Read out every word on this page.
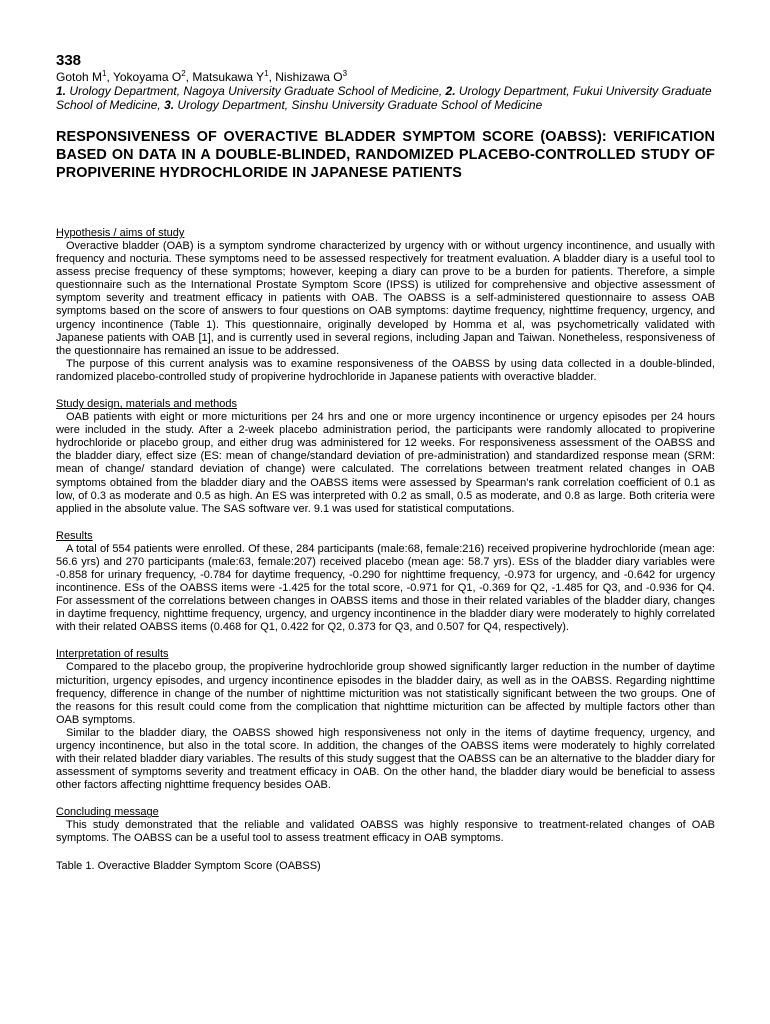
338
Gotoh $M^1$, Yokoyama $O^2$, Matsukawa $Y^1$, Nishizawa $O^3$
1. Urology Department, Nagoya University Graduate School of Medicine, 2. Urology Department, Fukui University Graduate School of Medicine, 3. Urology Department, Sinshu University Graduate School of Medicine
RESPONSIVENESS OF OVERACTIVE BLADDER SYMPTOM SCORE (OABSS): VERIFICATION BASED ON DATA IN A DOUBLE-BLINDED, RANDOMIZED PLACEBO-CONTROLLED STUDY OF PROPIVERINE HYDROCHLORIDE IN JAPANESE PATIENTS
Hypothesis / aims of study

Overactive bladder (OAB) is a symptom syndrome characterized by urgency with or without urgency incontinence, and usually with frequency and nocturia. These symptoms need to be assessed respectively for treatment evaluation. A bladder diary is a useful tool to assess precise frequency of these symptoms; however, keeping a diary can prove to be a burden for patients. Therefore, a simple questionnaire such as the International Prostate Symptom Score (IPSS) is utilized for comprehensive and objective assessment of symptom severity and treatment efficacy in patients with OAB. The OABSS is a self-administered questionnaire to assess OAB symptoms based on the score of answers to four questions on OAB symptoms: daytime frequency, nighttime frequency, urgency, and urgency incontinence (Table 1). This questionnaire, originally developed by Homma et al, was psychometrically validated with Japanese patients with OAB [1], and is currently used in several regions, including Japan and Taiwan. Nonetheless, responsiveness of the questionnaire has remained an issue to be addressed.

The purpose of this current analysis was to examine responsiveness of the OABSS by using data collected in a double-blinded, randomized placebo-controlled study of propiverine hydrochloride in Japanese patients with overactive bladder.

Study design, materials and methods

OAB patients with eight or more micturitions per 24 hrs and one or more urgency incontinence or urgency episodes per 24 hours were included in the study. After a 2-week placebo administration period, the participants were randomly allocated to propiverine hydrochloride or placebo group, and either drug was administered for 12 weeks. For responsiveness assessment of the OABSS and the bladder diary, effect size (ES: mean of change/standard deviation of pre-administration) and standardized response mean (SRM: mean of change/ standard deviation of change) were calculated. The correlations between treatment related changes in OAB symptoms obtained from the bladder diary and the OABSS items were assessed by Spearman’s rank correlation coefficient of 0.1 as low, of 0.3 as moderate and 0.5 as high. An ES was interpreted with 0.2 as small, 0.5 as moderate, and 0.8 as large. Both criteria were applied in the absolute value. The SAS software ver. 9.1 was used for statistical computations.

Results

A total of 554 patients were enrolled. Of these, 284 participants (male:68, female:216) received propiverine hydrochloride (mean age: 56.6 yrs) and 270 participants (male:63, female:207) received placebo (mean age: 58.7 yrs). ESs of the bladder diary variables were -0.858 for urinary frequency, -0.784 for daytime frequency, -0.290 for nighttime frequency, -0.973 for urgency, and -0.642 for urgency incontinence. ESs of the OABSS items were -1.425 for the total score, -0.971 for Q1, -0.369 for Q2, -1.485 for Q3, and -0.936 for Q4. For assessment of the correlations between changes in OABSS items and those in their related variables of the bladder diary, changes in daytime frequency, nighttime frequency, urgency, and urgency incontinence in the bladder diary were moderately to highly correlated with their related OABSS items (0.468 for Q1, 0.422 for Q2, 0.373 for Q3, and 0.507 for Q4, respectively).

Interpretation of results

Compared to the placebo group, the propiverine hydrochloride group showed significantly larger reduction in the number of daytime micturition, urgency episodes, and urgency incontinence episodes in the bladder dairy, as well as in the OABSS. Regarding nighttime frequency, difference in change of the number of nighttime micturition was not statistically significant between the two groups. One of the reasons for this result could come from the complication that nighttime micturition can be affected by multiple factors other than OAB symptoms.

Similar to the bladder diary, the OABSS showed high responsiveness not only in the items of daytime frequency, urgency, and urgency incontinence, but also in the total score. In addition, the changes of the OABSS items were moderately to highly correlated with their related bladder diary variables. The results of this study suggest that the OABSS can be an alternative to the bladder diary for assessment of symptoms severity and treatment efficacy in OAB. On the other hand, the bladder diary would be beneficial to assess other factors affecting nighttime frequency besides OAB.

Concluding message

This study demonstrated that the reliable and validated OABSS was highly responsive to treatment-related changes of OAB symptoms. The OABSS can be a useful tool to assess treatment efficacy in OAB symptoms.

Table 1. Overactive Bladder Symptom Score (OABSS)
